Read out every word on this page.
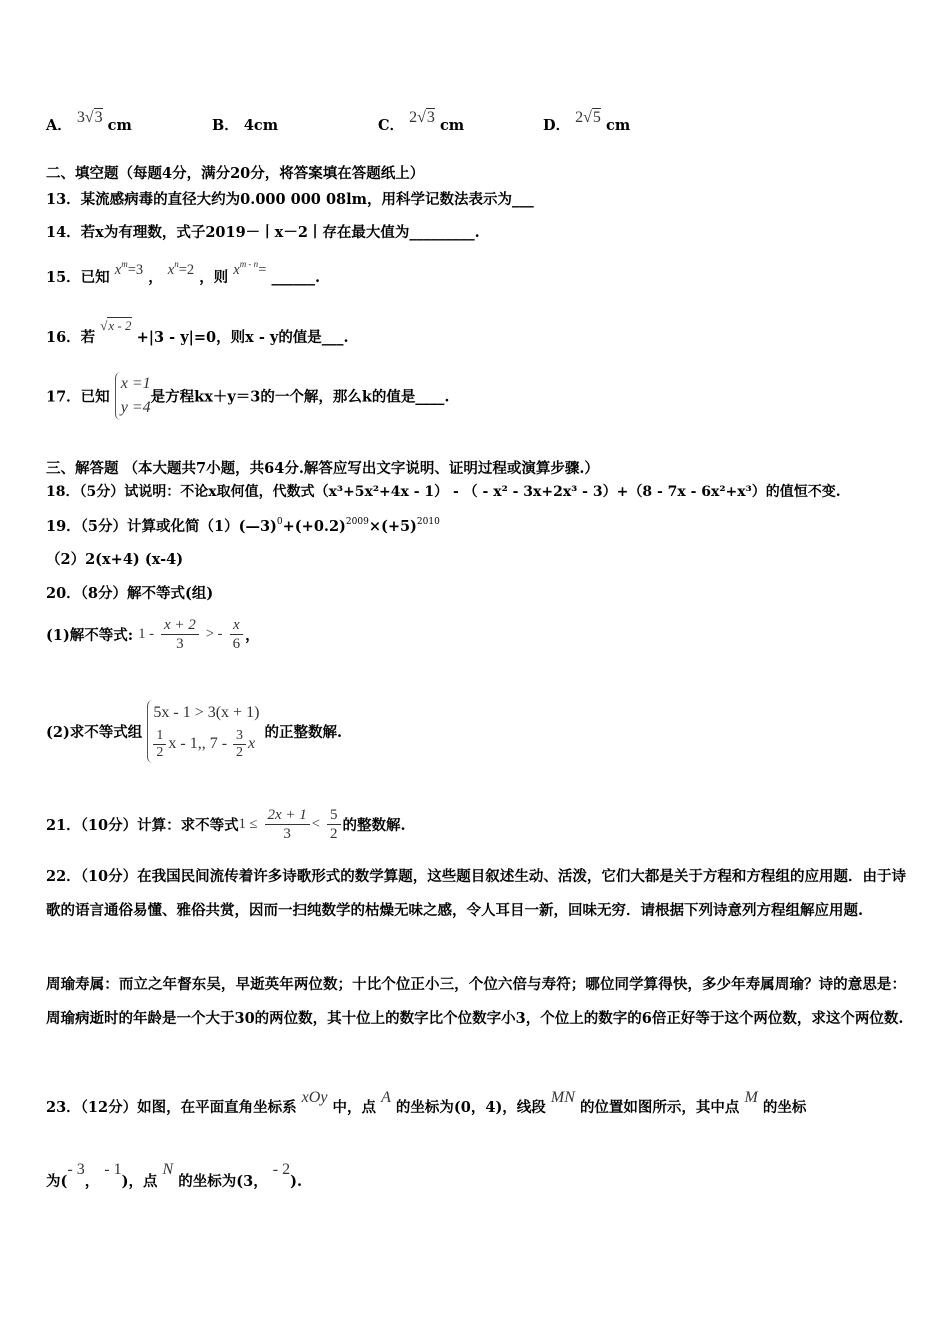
A． 3√3 cm	B． 4cm	C． 2√3 cm	D． 2√5 cm
二、填空题（每题4分，满分20分，将答案填在答题纸上）
13．某流感病毒的直径大约为0.000 000 08lm，用科学记数法表示为___
14．若x为有理数，式子2019－丨x－2丨存在最大值为_________.
15．已知 $x^m=3$ ， $x^n=2$ ，则 $x^{m - n}=$ ______.
16．若 √x - 2 +|3 - y|=0，则x - y的值是___.
17．已知
x =1
y =4
是方程kx＋y＝3的一个解，那么k的值是____.
三、解答题 （本大题共7小题，共64分.解答应写出文字说明、证明过程或演算步骤.）
18．（5分）试说明：不论x取何值，代数式（x³+5x²+4x - 1） - （ - x² - 3x+2x³ - 3）+（8 - 7x - 6x²+x³）的值恒不变.
19．（5分）计算或化简$(1)(—3)^0+(+0.2)^{2009}\times(+5)^{2010}$
（2）2(x+4) (x-4)
20．（8分）解不等式(组)
(1)解不等式: $1 - \frac{x + 2}{3}$ > - $\frac{x}{6}$ ，
(2)求不等式组
5x - 1 > 3(x + 1)
$\frac{1}{2}$ x - 1,, $7 - \frac{3}{2}$ x
的正整数解.
21．（10分）计算：求不等式$1 \le \frac{2x + 1}{3} < \frac{5}{2}$ 的整数解.
22．（10分）在我国民间流传着许多诗歌形式的数学算题，这些题目叙述生动、活泼，它们大都是关于方程和方程组的应用题．由于诗歌的语言通俗易懂、雅俗共赏，因而一扫纯数学的枯燥无味之感，令人耳目一新，回味无穷．请根据下列诗意列方程组解应用题.
周瑜寿属：而立之年督东吴，早逝英年两位数；十比个位正小三，个位六倍与寿符；哪位同学算得快，多少年寿属周瑜？诗的意思是：周瑜病逝时的年龄是一个大于30的两位数，其十位上的数字比个位数字小3，个位上的数字的6倍正好等于这个两位数，求这个两位数.
23．（12分）如图，在平面直角坐标系 xOy 中，点 A 的坐标为(0，4)，线段 MN 的位置如图所示，其中点 M 的坐标
为(- 3， - 1)，点 N 的坐标为(3， - 2).
